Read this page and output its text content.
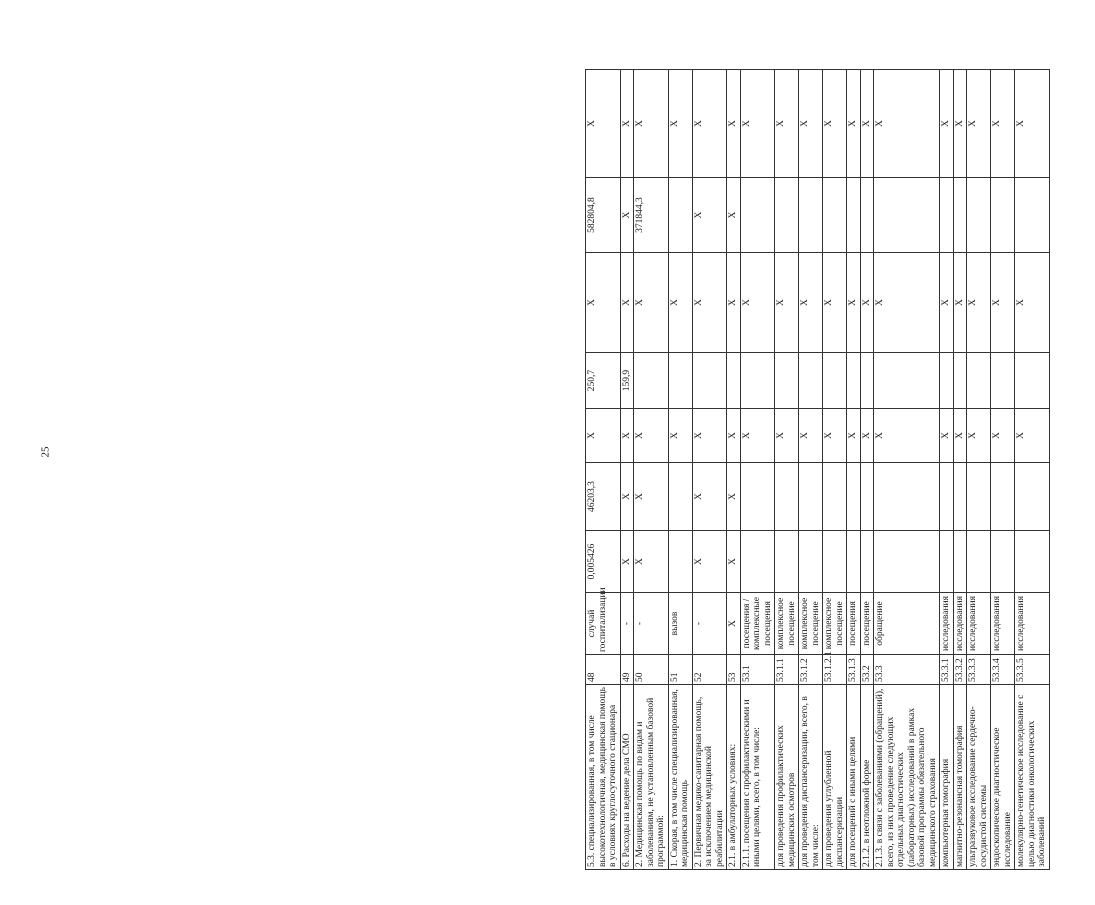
25
5.3. специализированная, в том числе высокотехнологичная, медицинская помощь в условиях круглосуточного стационара	48	случай госпитализации	0,005426	46203,3	X	250,7	X	582804,8	X
6. Расходы на ведение дела СМО	49	-	X	X	X	159,9	X	X	X
2. Медицинская помощь по видам и заболеваниям, не установленным базовой программой:	50	-	X	X	X		X	371844,3	X
1. Скорая, в том числе специализированная, медицинская помощь	51	вызов			X		X		X
2. Первичная медико-санитарная помощь, за исключением медицинской реабилитации	52	-	X	X	X		X	X	X
2.1. в амбулаторных условиях:	53	X	X	X	X		X	X	X
2.1.1. посещения с профилактическими и иными целями, всего, в том числе:	53.1	посещения / комплексные посещения			X		X		X
для проведения профилактических медицинских осмотров	53.1.1	комплексное посещение			X		X		X
для проведения диспансеризации, всего, в том числе:	53.1.2	комплексное посещение			X		X		X
для проведения углубленной диспансеризации	53.1.2.1	комплексное посещение			X		X		X
для посещений с иными целями	53.1.3	посещения			X		X		X
2.1.2. в неотложной форме	53.2	посещение			X		X		X
2.1.3. в связи с заболеваниями (обращений), всего, из них проведение следующих отдельных диагностических (лабораторных) исследований в рамках базовой программы обязательного медицинского страхования	53.3	обращение			X		X		X
компьютерная томография	53.3.1	исследования			X		X		X
магнитно-резонансная томография	53.3.2	исследования			X		X		X
ультразвуковое исследование сердечно-сосудистой системы	53.3.3	исследования			X		X		X
эндоскопическое диагностическое исследование	53.3.4	исследования			X		X		X
молекулярно-генетическое исследование с целью диагностики онкологических заболеваний	53.3.5	исследования			X		X		X
